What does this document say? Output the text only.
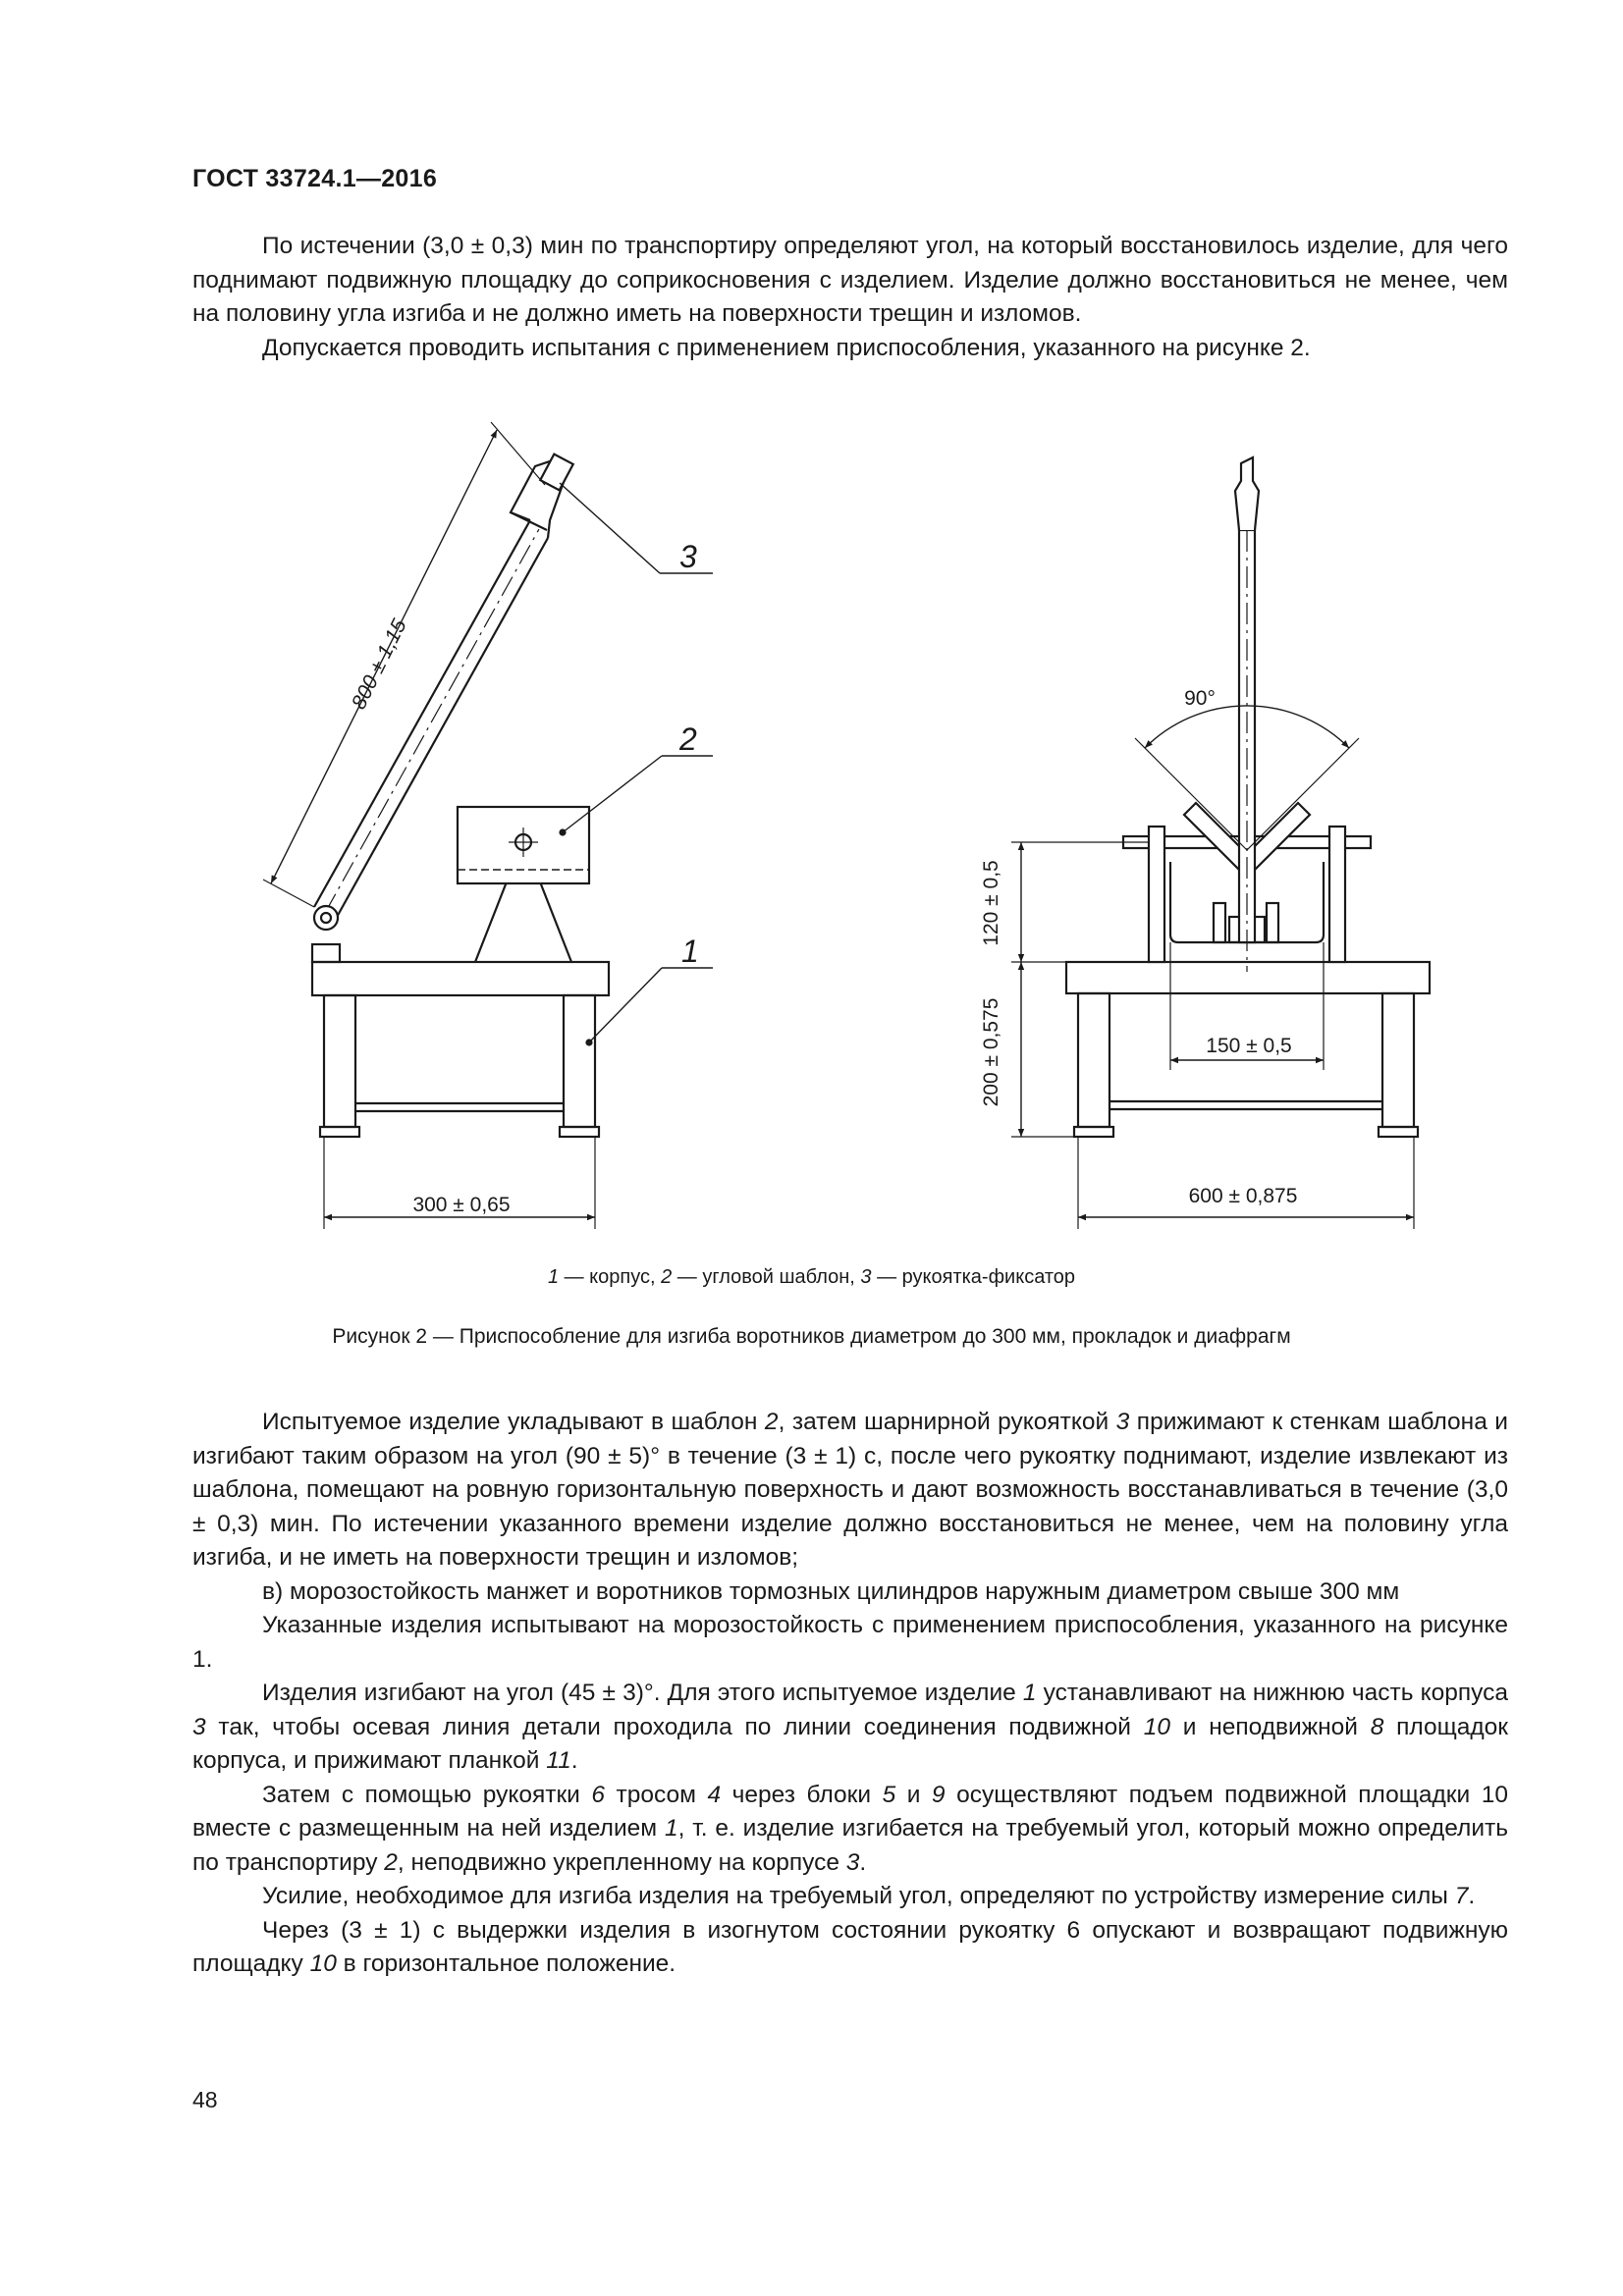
ГОСТ 33724.1—2016

По истечении (3,0 ± 0,3) мин по транспортиру определяют угол, на который восстановилось изделие, для чего поднимают подвижную площадку до соприкосновения с изделием. Изделие должно восстановиться не менее, чем на половину угла изгиба и не должно иметь на поверхности трещин и изломов.

Допускается проводить испытания с применением приспособления, указанного на рисунке 2.

800 ± 1,15
300 ± 0,65
1
2
3
90°
120 ± 0,5
200 ± 0,575	150 ± 0,5
600 ± 0,875
1 — корпус, 2 — угловой шаблон, 3 — рукоятка-фиксатор
Рисунок 2 — Приспособление для изгиба воротников диаметром до 300 мм, прокладок и диафрагм

Испытуемое изделие укладывают в шаблон 2, затем шарнирной рукояткой 3 прижимают к стенкам шаблона и изгибают таким образом на угол (90 ± 5)° в течение (3 ± 1) с, после чего рукоятку поднимают, изделие извлекают из шаблона, помещают на ровную горизонтальную поверхность и дают возможность восстанавливаться в течение (3,0 ± 0,3) мин. По истечении указанного времени изделие должно восстановиться не менее, чем на половину угла изгиба, и не иметь на поверхности трещин и изломов;

в) морозостойкость манжет и воротников тормозных цилиндров наружным диаметром свыше 300 мм

Указанные изделия испытывают на морозостойкость с применением приспособления, указанного на рисунке 1.

Изделия изгибают на угол (45 ± 3)°. Для этого испытуемое изделие 1 устанавливают на нижнюю часть корпуса 3 так, чтобы осевая линия детали проходила по линии соединения подвижной 10 и неподвижной 8 площадок корпуса, и прижимают планкой 11.

Затем с помощью рукоятки 6 тросом 4 через блоки 5 и 9 осуществляют подъем подвижной площадки 10 вместе с размещенным на ней изделием 1, т. е. изделие изгибается на требуемый угол, который можно определить по транспортиру 2, неподвижно укрепленному на корпусе 3.

Усилие, необходимое для изгиба изделия на требуемый угол, определяют по устройству измерение силы 7.

Через (3 ± 1) с выдержки изделия в изогнутом состоянии рукоятку 6 опускают и возвращают подвижную площадку 10 в горизонтальное положение.

48
